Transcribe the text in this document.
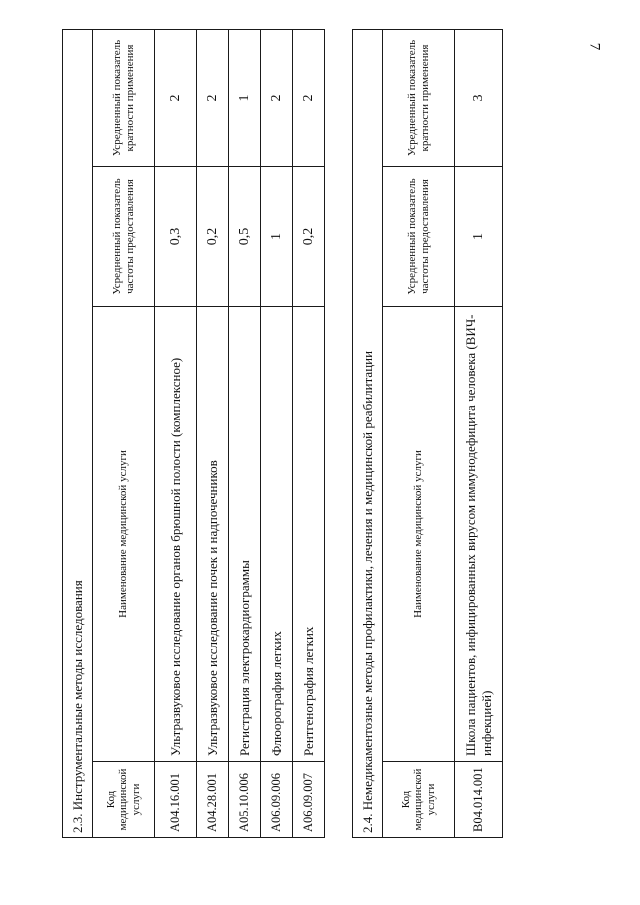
7
2.3. Инструментальные методы исследования			
Код медицинской услуги	Наименование медицинской услуги	Усредненный показатель частоты предоставления	Усредненный показатель кратности применения
A04.16.001	Ультразвуковое исследование органов брюшной полости (комплексное)	0,3	2
A04.28.001	Ультразвуковое исследование почек и надпочечников	0,2	2
A05.10.006	Регистрация электрокардиограммы	0,5	1
A06.09.006	Флюорография легких	1	2
A06.09.007	Рентгенография легких	0,2	2
2.4. Немедикаментозные методы профилактики, лечения и медицинской реабилитации			
Код медицинской услуги	Наименование медицинской услуги	Усредненный показатель частоты предоставления	Усредненный показатель кратности применения
B04.014.001	Школа пациентов, инфицированных вирусом иммунодефицита человека (ВИЧ-инфекцией)	1	3
